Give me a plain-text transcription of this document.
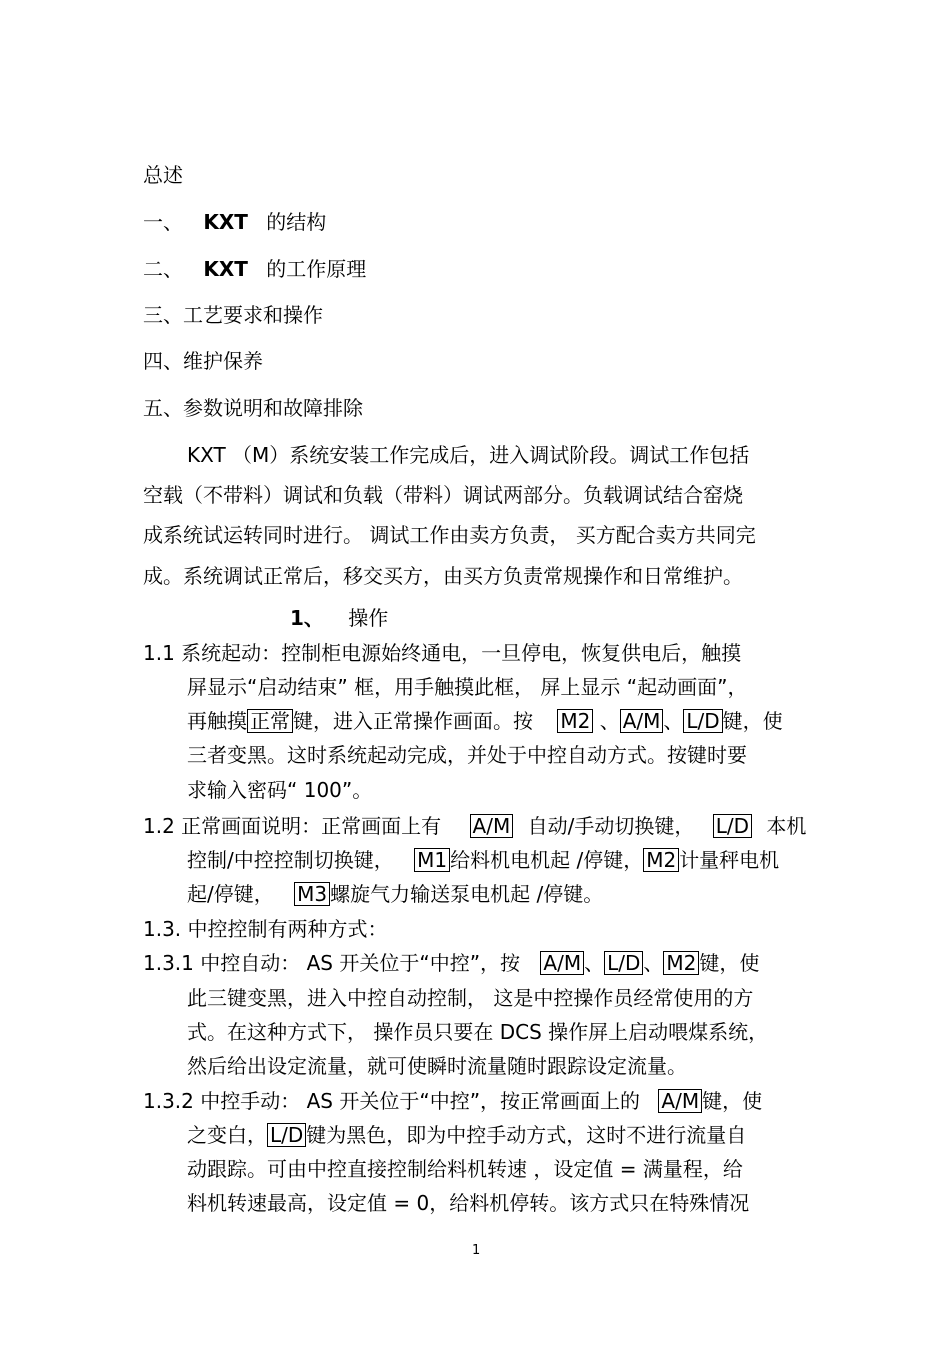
总述
一、 KXT 的结构
二、 KXT 的工作原理
三、工艺要求和操作
四、维护保养
五、参数说明和故障排除
KXT （M）系统安装工作完成后，进入调试阶段。调试工作包括
空载（不带料）调试和负载（带料）调试两部分。负载调试结合窑烧
成系统试运转同时进行。 调试工作由卖方负责， 买方配合卖方共同完
成。系统调试正常后，移交买方，由买方负责常规操作和日常维护。
1、 操作
1.1 系统起动：控制柜电源始终通电，一旦停电，恢复供电后，触摸
屏显示“启动结束” 框，用手触摸此框， 屏上显示 “起动画面”，
再触摸 正常 键，进入正常操作画面。按 M2 、 A/M 、 L/D 键，使
三者变黑。这时系统起动完成，并处于中控自动方式。按键时要
求输入密码“ 100”。
1.2 正常画面说明：正常画面上有 A/M 自动/手动切换键， L/D 本机
控制/中控控制切换键， M1 给料机电机起 /停键， M2 计量秤电机
起/停键， M3 螺旋气力输送泵电机起 /停键。
1.3. 中控控制有两种方式：
1.3.1 中控自动： AS 开关位于“中控”，按 A/M 、 L/D 、 M2 键，使
此三键变黑，进入中控自动控制， 这是中控操作员经常使用的方
式。在这种方式下， 操作员只要在 DCS 操作屏上启动喂煤系统，
然后给出设定流量，就可使瞬时流量随时跟踪设定流量。
1.3.2 中控手动： AS 开关位于“中控”，按正常画面上的 A/M 键，使
之变白， L/D 键为黑色，即为中控手动方式，这时不进行流量自
动跟踪。可由中控直接控制给料机转速 ，设定值 = 满量程，给
料机转速最高，设定值 = 0，给料机停转。该方式只在特殊情况
1
